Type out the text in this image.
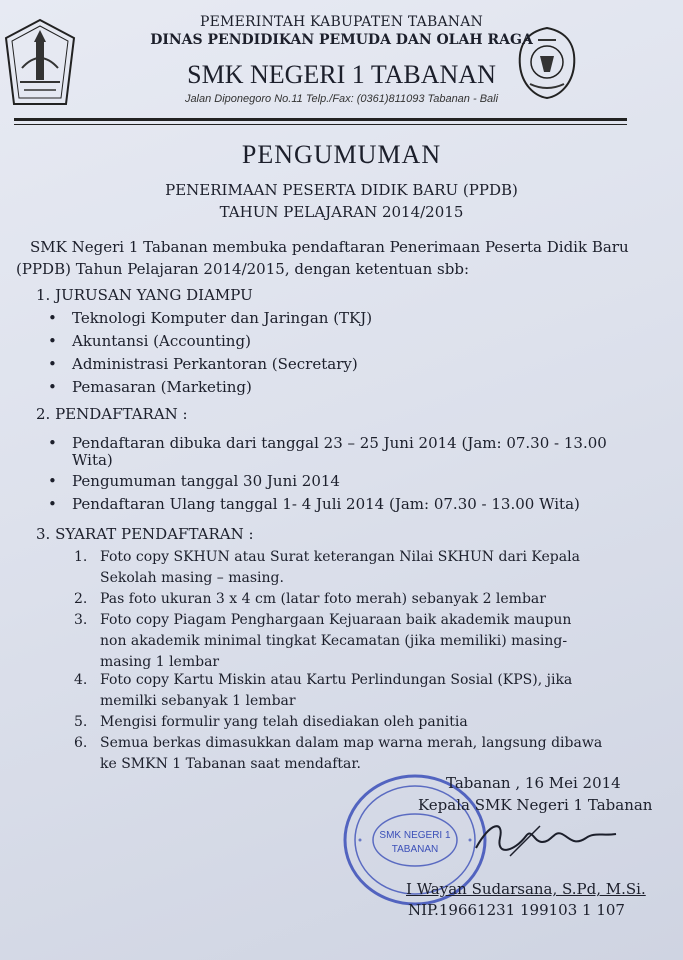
PEMERINTAH KABUPATEN TABANAN
DINAS PENDIDIKAN PEMUDA DAN OLAH RAGA
SMK NEGERI 1 TABANAN
Jalan Diponegoro No.11 Telp./Fax: (0361)811093 Tabanan - Bali
PENGUMUMAN
PENERIMAAN PESERTA DIDIK BARU (PPDB)
TAHUN PELAJARAN 2014/2015
SMK Negeri 1 Tabanan membuka pendaftaran Penerimaan Peserta Didik Baru
(PPDB) Tahun Pelajaran 2014/2015, dengan ketentuan sbb:
1. JURUSAN YANG DIAMPU
• Teknologi Komputer dan Jaringan (TKJ)
• Akuntansi (Accounting)
• Administrasi Perkantoran (Secretary)
• Pemasaran (Marketing)
2. PENDAFTARAN :
• Pendaftaran dibuka dari tanggal 23 – 25 Juni 2014 (Jam: 07.30 - 13.00
Wita)
• Pengumuman tanggal 30 Juni 2014
• Pendaftaran Ulang tanggal 1- 4 Juli 2014 (Jam: 07.30 - 13.00 Wita)
3. SYARAT PENDAFTARAN :
1. Foto copy SKHUN atau Surat keterangan Nilai SKHUN dari Kepala
Sekolah masing – masing.
2. Pas foto ukuran 3 x 4 cm (latar foto merah) sebanyak 2 lembar
3. Foto copy Piagam Penghargaan Kejuaraan baik akademik maupun
non akademik minimal tingkat Kecamatan (jika memiliki) masing-
masing 1 lembar
4. Foto copy Kartu Miskin atau Kartu Perlindungan Sosial (KPS), jika
memilki sebanyak 1 lembar
5. Mengisi formulir yang telah disediakan oleh panitia
6. Semua berkas dimasukkan dalam map warna merah, langsung dibawa
ke SMKN 1 Tabanan saat mendaftar.
SMK NEGERI 1
TABANAN
Tabanan , 16 Mei 2014
Kepala SMK Negeri 1 Tabanan
I Wayan Sudarsana, S.Pd, M.Si.
NIP.19661231 199103 1 107
